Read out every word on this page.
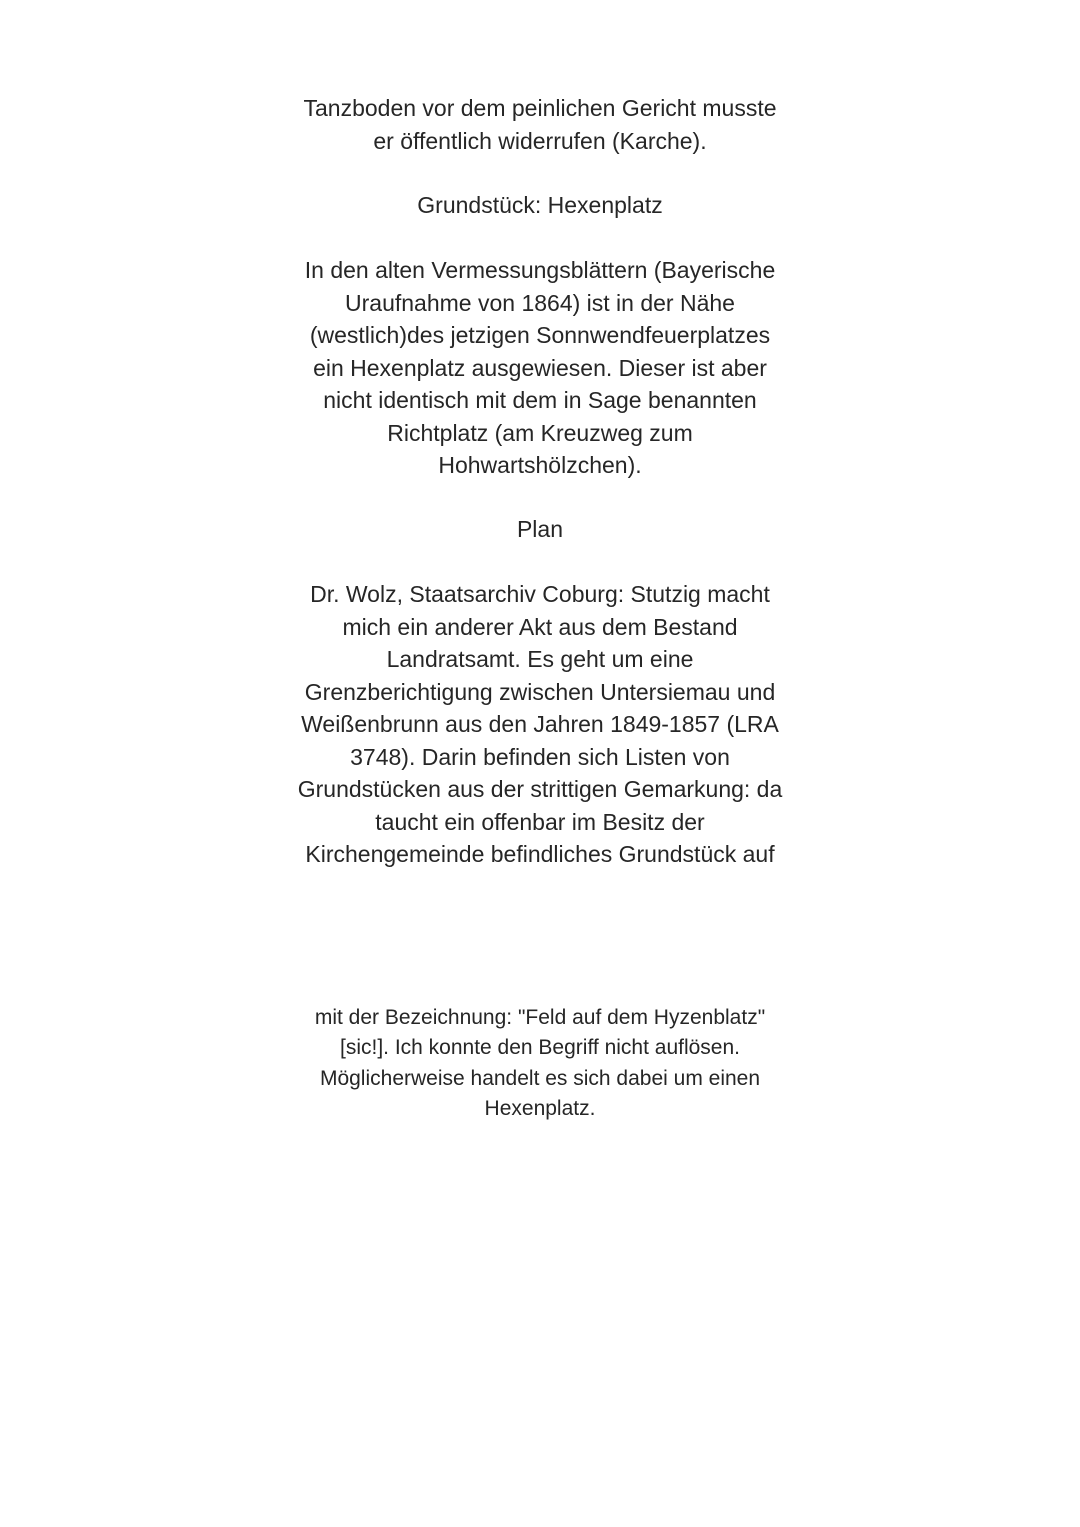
Tanzboden vor dem peinlichen Gericht musste
er öffentlich widerrufen (Karche).

Grundstück: Hexenplatz

In den alten Vermessungsblättern (Bayerische
Uraufnahme von 1864) ist in der Nähe
(westlich)des jetzigen Sonnwendfeuerplatzes
ein Hexenplatz ausgewiesen. Dieser ist aber
nicht identisch mit dem in Sage benannten
Richtplatz (am Kreuzweg zum
Hohwartshölzchen).

Plan

Dr. Wolz, Staatsarchiv Coburg: Stutzig macht
mich ein anderer Akt aus dem Bestand
Landratsamt. Es geht um eine
Grenzberichtigung zwischen Untersiemau und
Weißenbrunn aus den Jahren 1849-1857 (LRA
3748). Darin befinden sich Listen von
Grundstücken aus der strittigen Gemarkung: da
taucht ein offenbar im Besitz der
Kirchengemeinde befindliches Grundstück auf

mit der Bezeichnung: "Feld auf dem Hyzenblatz"
[sic!]. Ich konnte den Begriff nicht auflösen.
Möglicherweise handelt es sich dabei um einen
Hexenplatz.
